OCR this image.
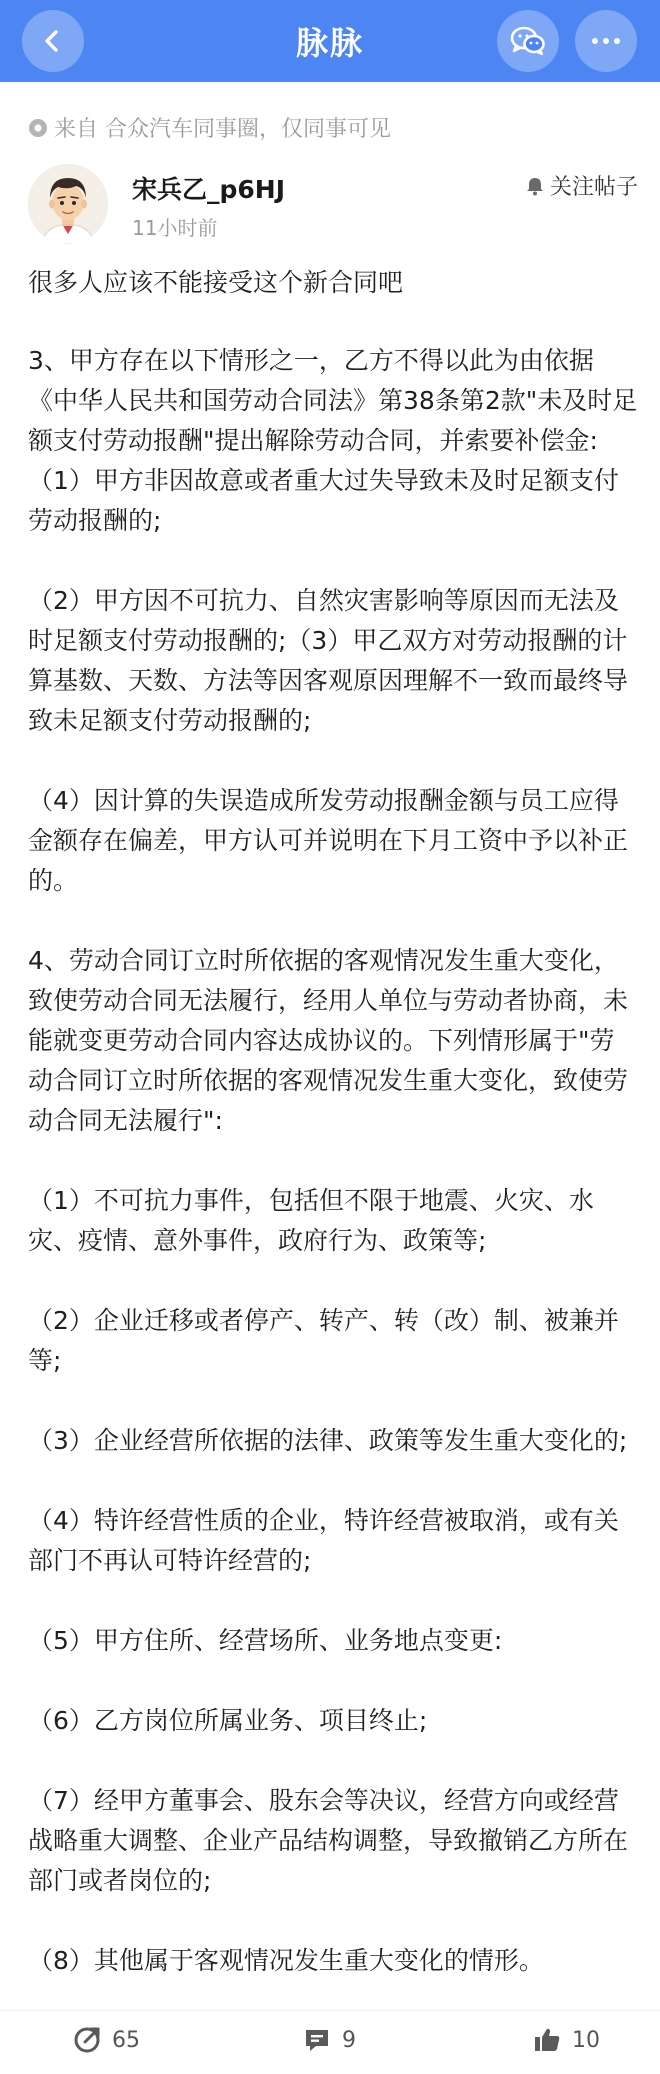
脉脉
来自 合众汽车同事圈，仅同事可见
宋兵乙_p6HJ
11小时前
关注帖子

很多人应该不能接受这个新合同吧

3、甲方存在以下情形之一，乙方不得以此为由依据《中华人民共和国劳动合同法》第38条第2款"未及时足额支付劳动报酬"提出解除劳动合同，并索要补偿金:（1）甲方非因故意或者重大过失导致未及时足额支付劳动报酬的;

（2）甲方因不可抗力、自然灾害影响等原因而无法及时足额支付劳动报酬的;（3）甲乙双方对劳动报酬的计算基数、天数、方法等因客观原因理解不一致而最终导致未足额支付劳动报酬的;

（4）因计算的失误造成所发劳动报酬金额与员工应得金额存在偏差，甲方认可并说明在下月工资中予以补正的。

4、劳动合同订立时所依据的客观情况发生重大变化，致使劳动合同无法履行，经用人单位与劳动者协商，未能就变更劳动合同内容达成协议的。下列情形属于"劳动合同订立时所依据的客观情况发生重大变化，致使劳动合同无法履行":

（1）不可抗力事件，包括但不限于地震、火灾、水灾、疫情、意外事件，政府行为、政策等;

（2）企业迁移或者停产、转产、转（改）制、被兼并等;

（3）企业经营所依据的法律、政策等发生重大变化的;

（4）特许经营性质的企业，特许经营被取消，或有关部门不再认可特许经营的;

（5）甲方住所、经营场所、业务地点变更:

（6）乙方岗位所属业务、项目终止;

（7）经甲方董事会、股东会等决议，经营方向或经营战略重大调整、企业产品结构调整，导致撤销乙方所在部门或者岗位的;

（8）其他属于客观情况发生重大变化的情形。

65	9	10
